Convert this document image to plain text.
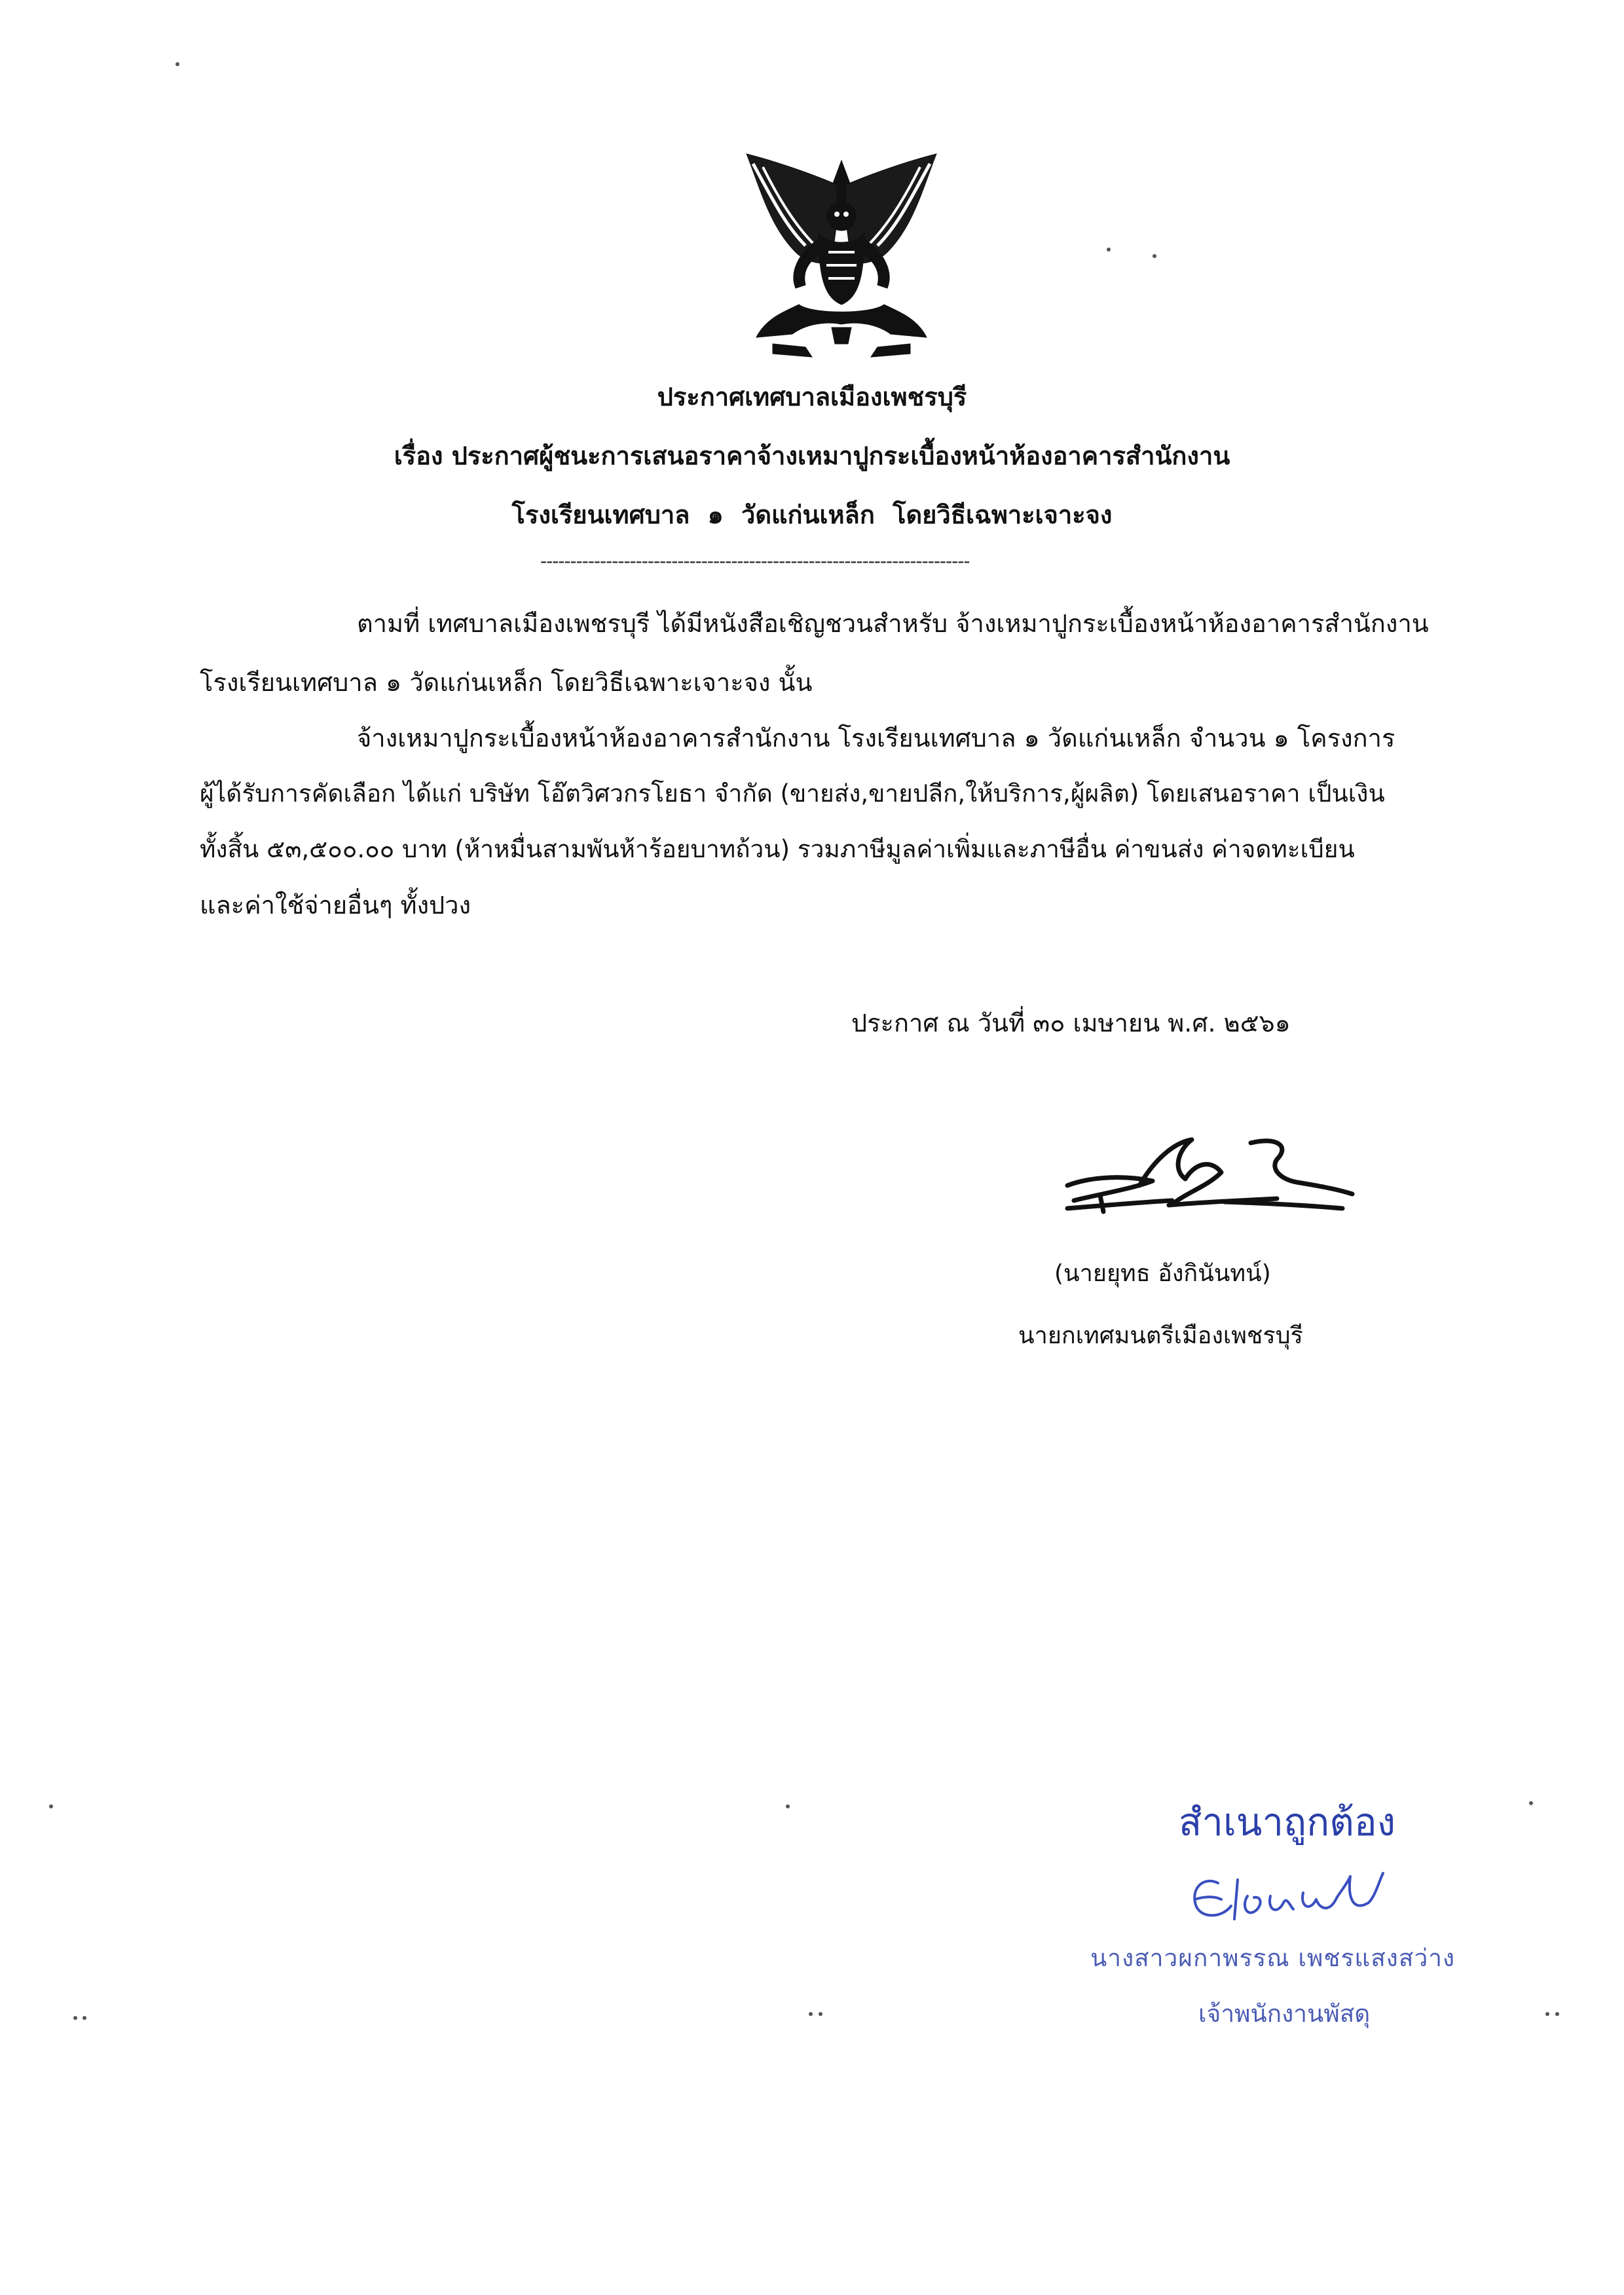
ประกาศเทศบาลเมืองเพชรบุรี
เรื่อง ประกาศผู้ชนะการเสนอราคาจ้างเหมาปูกระเบื้องหน้าห้องอาคารสำนักงาน
โรงเรียนเทศบาล ๑ วัดแก่นเหล็ก โดยวิธีเฉพาะเจาะจง
------------------------------------------------------------------------
ตามที่ เทศบาลเมืองเพชรบุรี ได้มีหนังสือเชิญชวนสำหรับ จ้างเหมาปูกระเบื้องหน้าห้องอาคารสำนักงาน
โรงเรียนเทศบาล ๑ วัดแก่นเหล็ก โดยวิธีเฉพาะเจาะจง นั้น
จ้างเหมาปูกระเบื้องหน้าห้องอาคารสำนักงาน โรงเรียนเทศบาล ๑ วัดแก่นเหล็ก จำนวน ๑ โครงการ
ผู้ได้รับการคัดเลือก ได้แก่ บริษัท โอ๊ตวิศวกรโยธา จำกัด (ขายส่ง,ขายปลีก,ให้บริการ,ผู้ผลิต) โดยเสนอราคา เป็นเงิน
ทั้งสิ้น ๕๓,๕๐๐.๐๐ บาท (ห้าหมื่นสามพันห้าร้อยบาทถ้วน) รวมภาษีมูลค่าเพิ่มและภาษีอื่น ค่าขนส่ง ค่าจดทะเบียน
และค่าใช้จ่ายอื่นๆ ทั้งปวง
ประกาศ ณ วันที่ ๓๐ เมษายน พ.ศ. ๒๕๖๑
(นายยุทธ อังกินันทน์)
นายกเทศมนตรีเมืองเพชรบุรี
สำเนาถูกต้อง
นางสาวผกาพรรณ เพชรแสงสว่าง
เจ้าพนักงานพัสดุ
